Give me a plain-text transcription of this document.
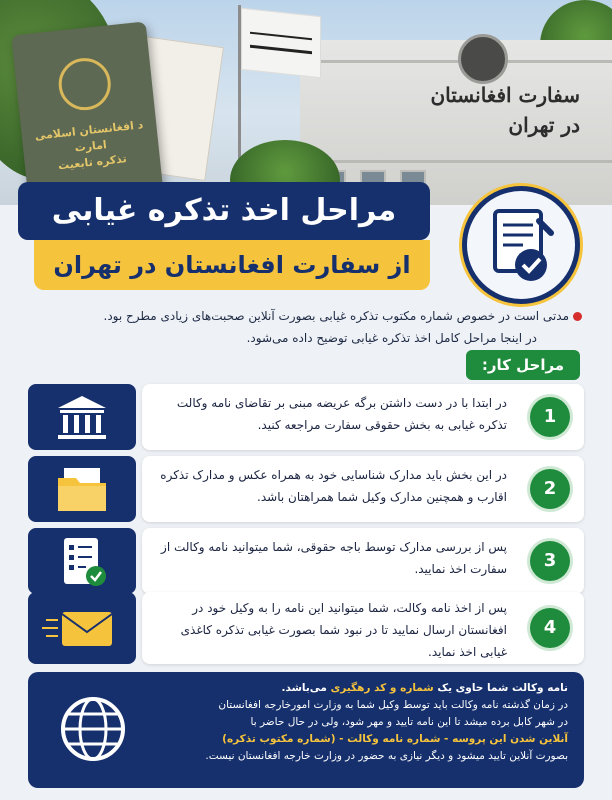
سفارت افغانستان
در تهران
د افغانستان اسلامی امارت
تذکره تابعیت
از سفارت افغانستان در تهران
مراحل اخذ تذکره غیابی
مدتی است در خصوص شماره مکتوب تذکره غیابی بصورت آنلاین صحبت‌های زیادی مطرح بود.
در اینجا مراحل کامل اخذ تذکره غیابی توضیح داده می‌شود.
مراحل کار:
در ابتدا با در دست داشتن برگه عریضه مبنی بر تقاضای نامه وکالت تذکره غیابی به بخش حقوقی سفارت مراجعه کنید.	1
در این بخش باید مدارک شناسایی خود به همراه عکس و مدارک تذکره اقارب و همچنین مدارک وکیل شما همراهتان باشد.	2
پس از بررسی مدارک توسط باجه حقوقی، شما میتوانید نامه وکالت از سفارت اخذ نمایید.	3
پس از اخذ نامه وکالت، شما میتوانید این نامه را به وکیل خود در افغانستان ارسال نمایید تا در نبود شما بصورت غیابی تذکره کاغذی غیابی اخذ نماید.
4
نامه وکالت شما حاوی یک شماره و کد رهگیری می‌باشد.
در زمان گذشته نامه وکالت باید توسط وکیل شما به وزارت امورخارجه افغانستان
در شهر کابل برده میشد تا این نامه تایید و مهر شود، ولی در حال حاضر با
آنلاین شدن این پروسه - شماره نامه وکالت - (شماره مکتوب تذکره)
بصورت آنلاین تایید میشود و دیگر نیازی به حضور در وزارت خارجه افغانستان نیست.
